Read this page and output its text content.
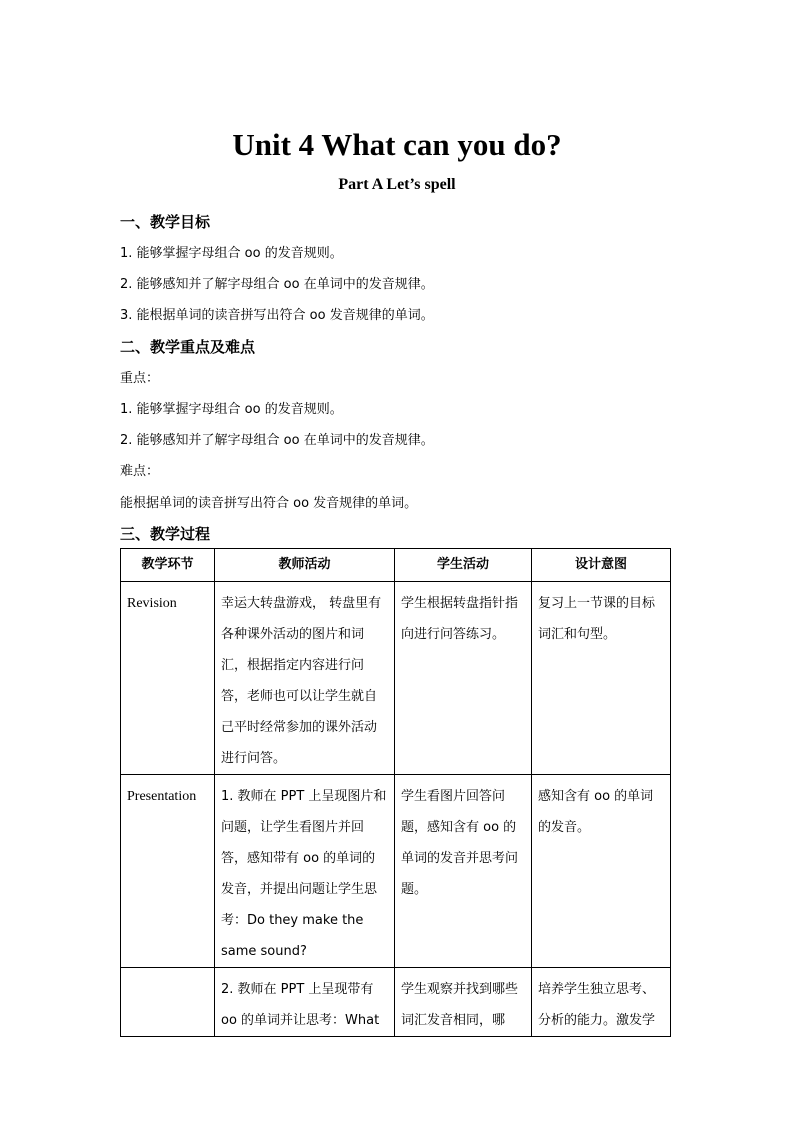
Unit 4 What can you do?
Part A Let’s spell
一、教学目标
1. 能够掌握字母组合 oo 的发音规则。
2. 能够感知并了解字母组合 oo 在单词中的发音规律。
3. 能根据单词的读音拼写出符合 oo 发音规律的单词。
二、教学重点及难点
重点：
1. 能够掌握字母组合 oo 的发音规则。
2. 能够感知并了解字母组合 oo 在单词中的发音规律。
难点：
能根据单词的读音拼写出符合 oo 发音规律的单词。
三、教学过程
教学环节	教师活动	学生活动	设计意图
Revision	幸运大转盘游戏， 转盘里有各种课外活动的图片和词汇，根据指定内容进行问答，老师也可以让学生就自己平时经常参加的课外活动进行问答。	学生根据转盘指针指向进行问答练习。	复习上一节课的目标词汇和句型。
Presentation	1. 教师在 PPT 上呈现图片和问题，让学生看图片并回答，感知带有 oo 的单词的发音，并提出问题让学生思考：Do they make the same sound?	学生看图片回答问题，感知含有 oo 的单词的发音并思考问题。	感知含有 oo 的单词的发音。
	2. 教师在 PPT 上呈现带有 oo 的单词并让思考：What	学生观察并找到哪些词汇发音相同，哪	培养学生独立思考、分析的能力。激发学
